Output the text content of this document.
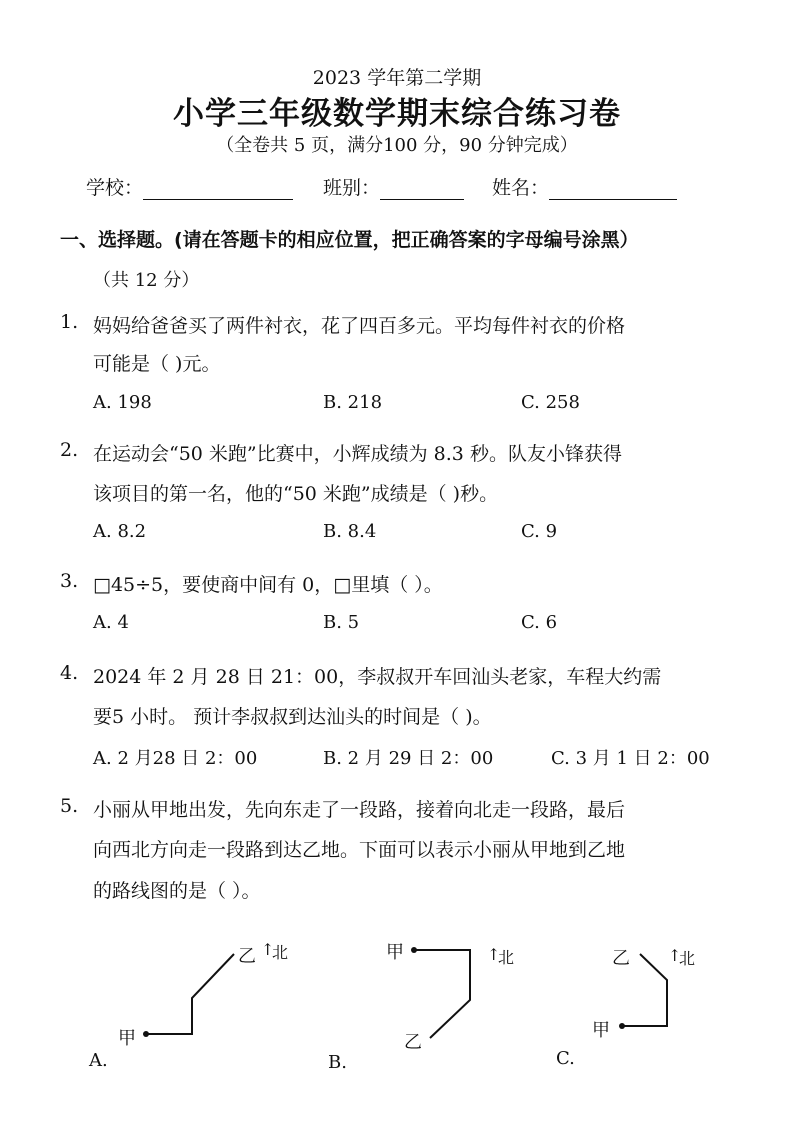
2023 学年第二学期
小学三年级数学期末综合练习卷
（全卷共 5 页，满分100 分，90 分钟完成）
学校：	班别：	姓名：
一、选择题。(请在答题卡的相应位置，把正确答案的字母编号涂黑）
（共 12 分）
1. 妈妈给爸爸买了两件衬衣，花了四百多元。平均每件衬衣的价格
可能是（ )元。
A. 198	B. 218	C. 258
2. 在运动会“50 米跑”比赛中，小辉成绩为 8.3 秒。队友小锋获得
该项目的第一名，他的“50 米跑”成绩是（ )秒。
A. 8.2	B. 8.4	C. 9
3. □45÷5，要使商中间有 0，□里填（ ）。
A. 4	B. 5	C. 6
4. 2024 年 2 月 28 日 21：00，李叔叔开车回汕头老家，车程大约需
要5 小时。 预计李叔叔到达汕头的时间是（ )。
A. 2 月28 日 2：00	B. 2 月 29 日 2：00	C. 3 月 1 日 2：00
5. 小丽从甲地出发，先向东走了一段路，接着向北走一段路，最后
向西北方向走一段路到达乙地。下面可以表示小丽从甲地到乙地
的路线图的是（ ）。
甲
乙 ↑
北
A.
甲
乙
↑
北
B.
乙
甲
↑
北
C.
